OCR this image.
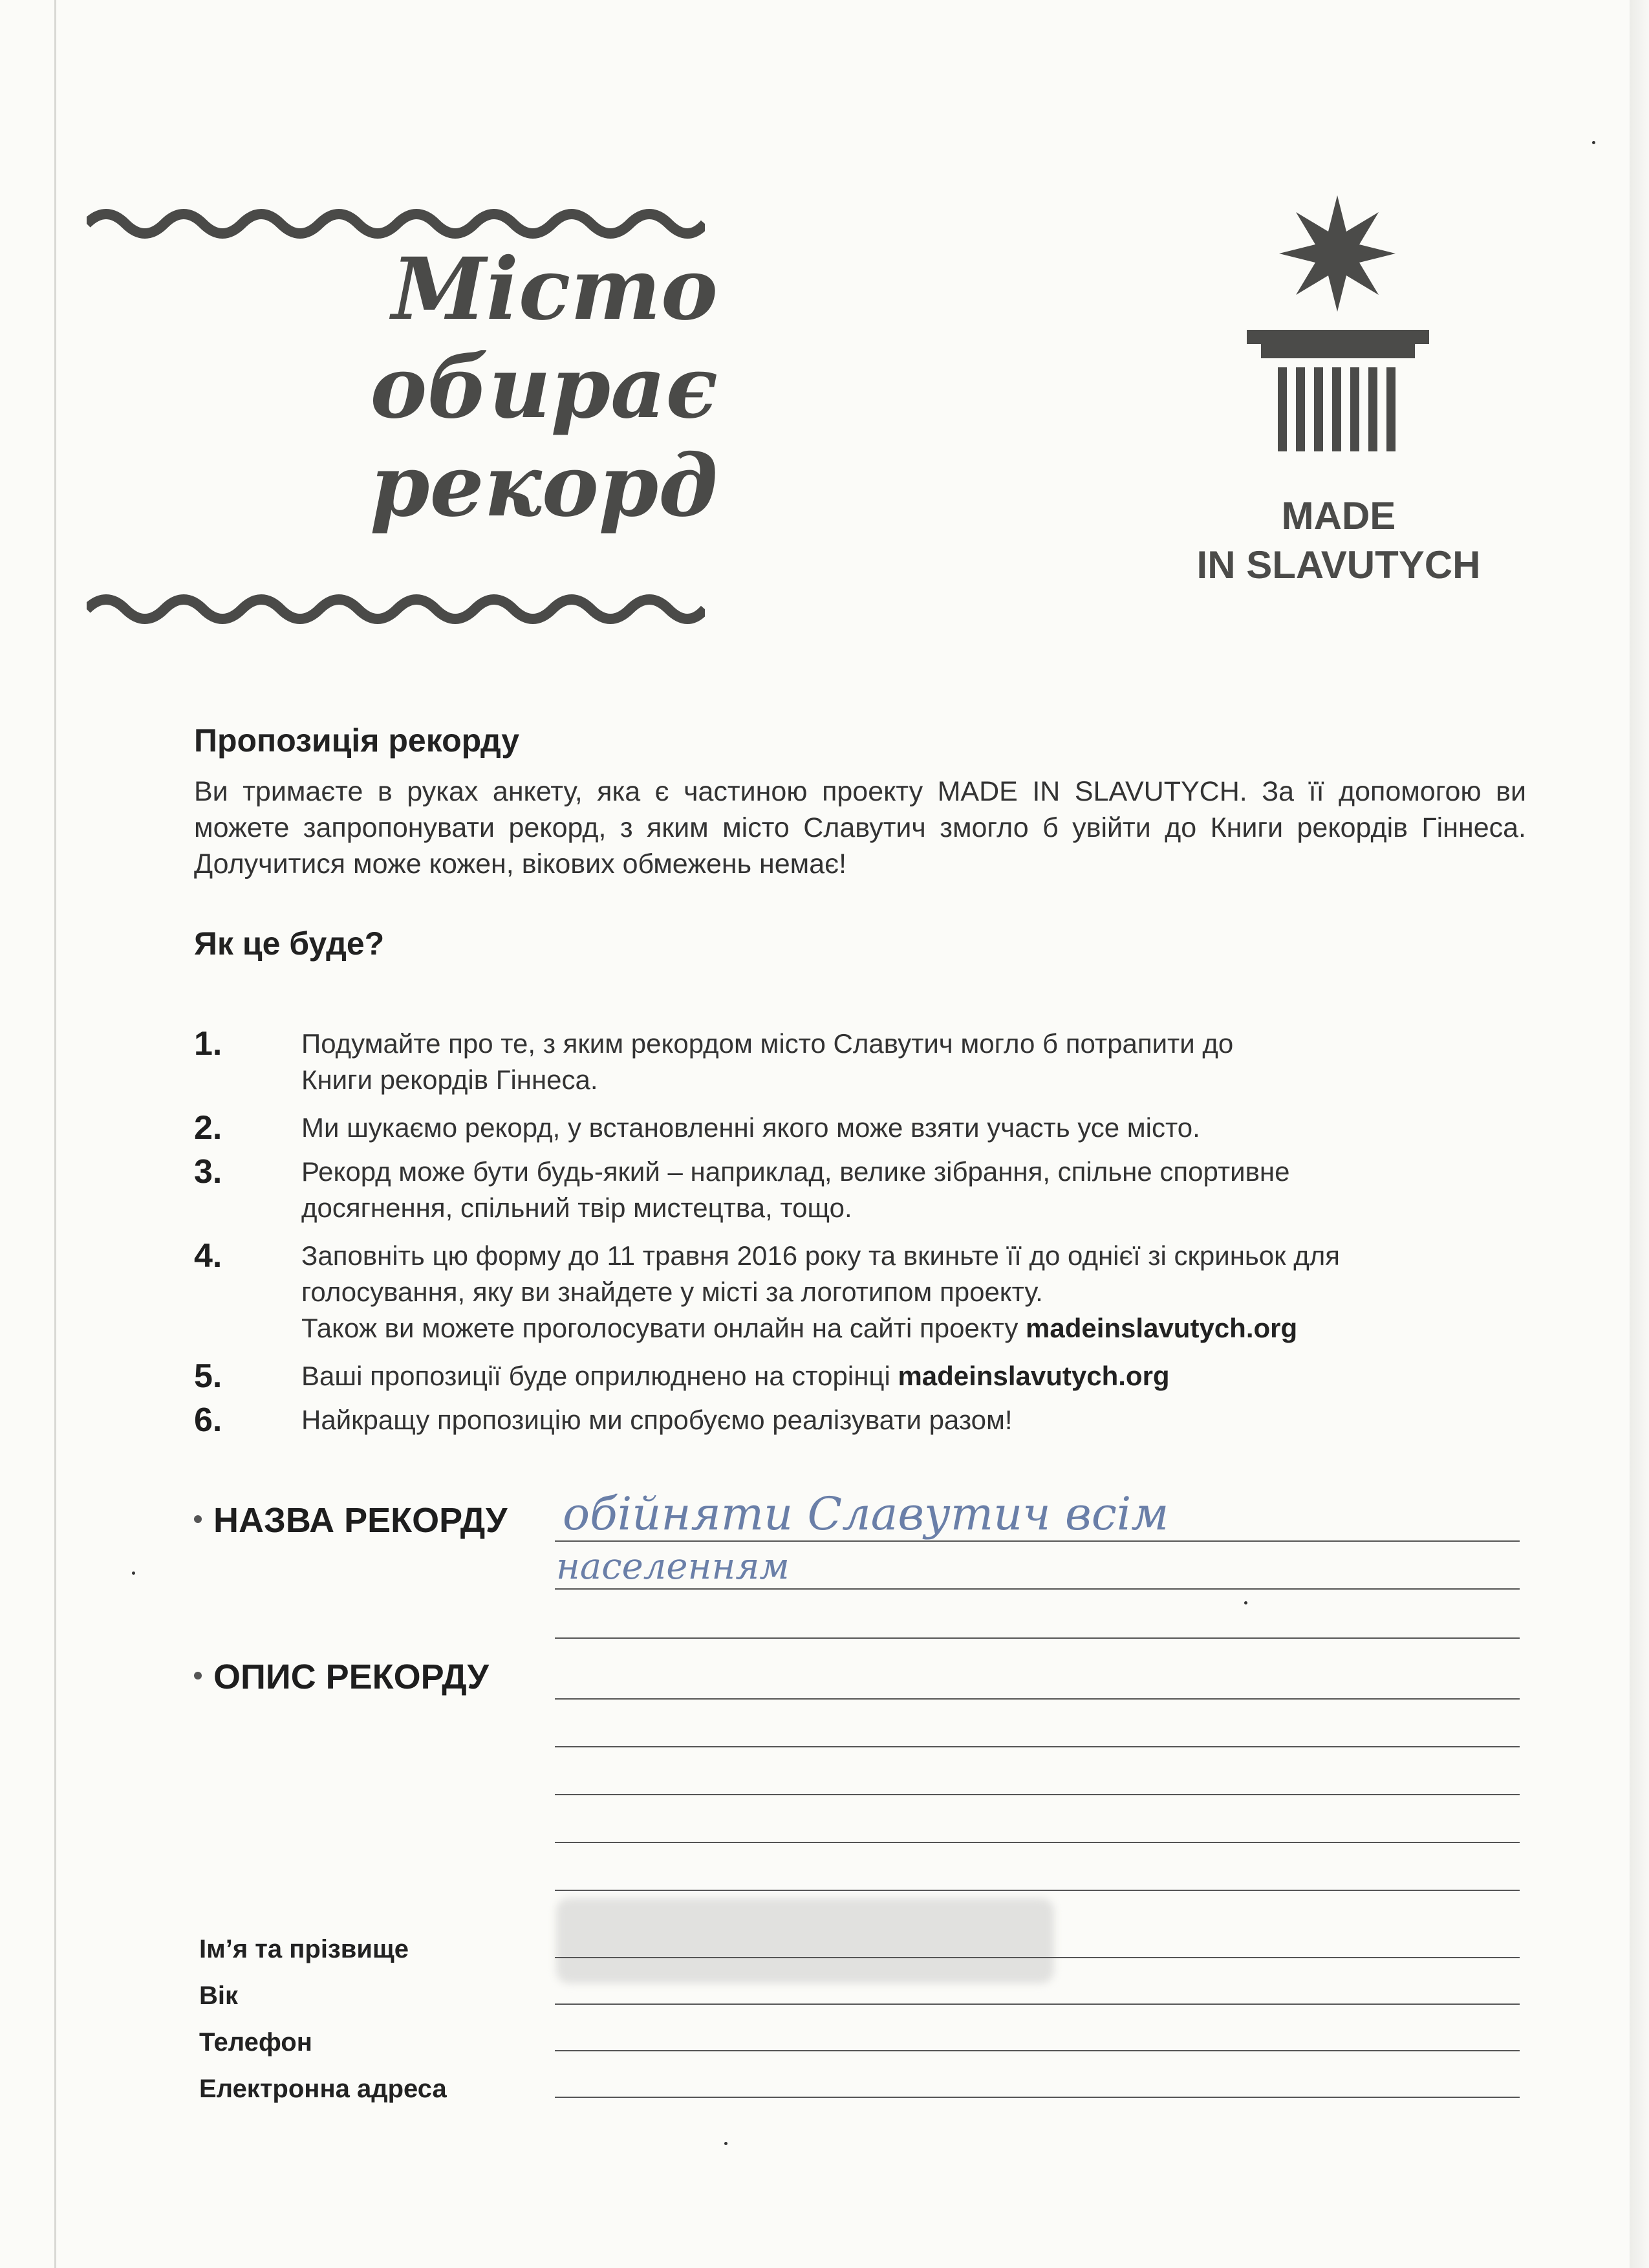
Місто
обирає
рекорд	MADE
IN SLAVUTYCH
Пропозиція рекорду
Ви тримаєте в руках анкету, яка є частиною проекту MADE IN SLAVUTYCH. За її допомогою ви можете запропонувати рекорд, з яким місто Славутич змогло б увійти до Книги рекордів Гіннеса. Долучитися може кожен, вікових обмежень немає!
Як це буде?
1.	Подумайте про те, з яким рекордом місто Славутич могло б потрапити до
Книги рекордів Гіннеса.
2.	Ми шукаємо рекорд, у встановленні якого може взяти участь усе місто.
3.	Рекорд може бути будь-який – наприклад, велике зібрання, спільне спортивне
досягнення, спільний твір мистецтва, тощо.
4.	Заповніть цю форму до 11 травня 2016 року та вкиньте її до однієї зі скриньок для
голосування, яку ви знайдете у місті за логотипом проекту.
Також ви можете проголосувати онлайн на сайті проекту madeinslavutych.org
5.	Ваші пропозиції буде оприлюднено на сторінці madeinslavutych.org
6.	Найкращу пропозицію ми спробуємо реалізувати разом!
НАЗВА РЕКОРДУ обійняти Славутич всім
населенням
ОПИС РЕКОРДУ
Ім’я та прізвище
Вік
Телефон
Електронна адреса
